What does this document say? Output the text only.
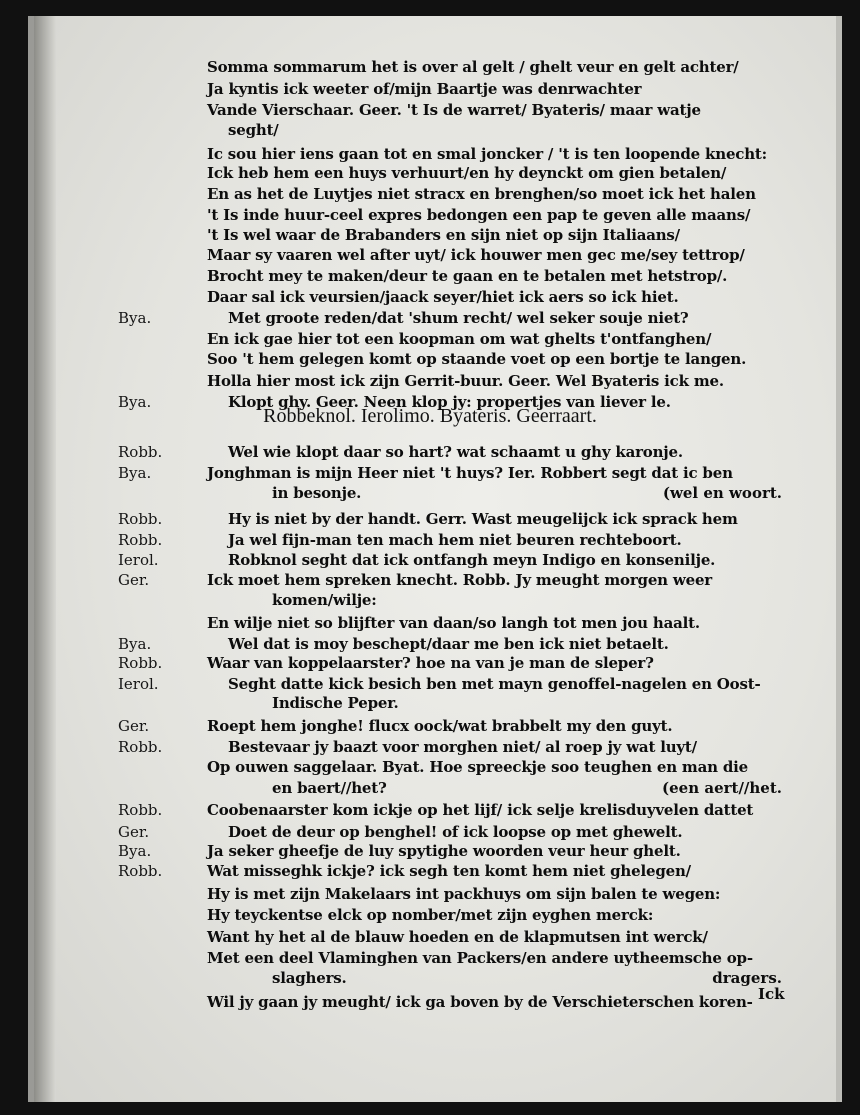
Somma sommarum het is over al gelt / ghelt veur en gelt achter/
Ja kyntis ick weeter of/mijn Baartje was denrwachter
Vande Vierschaar. Geer. 't Is de warret/ Byateris/ maar watje
seght/
Ic sou hier iens gaan tot en smal joncker / 't is ten loopende knecht:
Ick heb hem een huys verhuurt/en hy deynckt om gien betalen/
En as het de Luytjes niet stracx en brenghen/so moet ick het halen
't Is inde huur-ceel expres bedongen een pap te geven alle maans/
't Is wel waar de Brabanders en sijn niet op sijn Italiaans/
Maar sy vaaren wel after uyt/ ick houwer men gec me/sey tettrop/
Brocht mey te maken/deur te gaan en te betalen met hetstrop/.
Daar sal ick veursien/jaack seyer/hiet ick aers so ick hiet.
Bya.	Met groote reden/dat 'shum recht/ wel seker souje niet?
En ick gae hier tot een koopman om wat ghelts t'ontfanghen/
Soo 't hem gelegen komt op staande voet op een bortje te langen.
Holla hier most ick zijn Gerrit-buur. Geer. Wel Byateris ick me.
Bya.	Klopt ghy. Geer. Neen klop jy: propertjes van liever le.
Robb.	Wel wie klopt daar so hart? wat schaamt u ghy karonje.
Bya.	Jonghman is mijn Heer niet 't huys? Ier. Robbert segt dat ic ben
in besonje.	(wel en woort.
Robb.	Hy is niet by der handt. Gerr. Wast meugelijck ick sprack hem
Robb.	Ja wel fijn-man ten mach hem niet beuren rechteboort.
Ierol.	Robknol seght dat ick ontfangh meyn Indigo en konsenilje.
Ger.	Ick moet hem spreken knecht. Robb. Jy meught morgen weer
komen/wilje:
En wilje niet so blijfter van daan/so langh tot men jou haalt.
Bya.	Wel dat is moy beschept/daar me ben ick niet betaelt.
Robb.	Waar van koppelaarster? hoe na van je man de sleper?
Ierol.	Seght datte kick besich ben met mayn genoffel-nagelen en Oost-
Indische Peper.
Ger.	Roept hem jonghe! flucx oock/wat brabbelt my den guyt.
Robb.	Bestevaar jy baazt voor morghen niet/ al roep jy wat luyt/
Op ouwen saggelaar. Byat. Hoe spreeckje soo teughen en man die
en baert//het?	(een aert//het.
Robb.	Coobenaarster kom ickje op het lijf/ ick selje krelisduyvelen dattet
Ger.	Doet de deur op benghel! of ick loopse op met ghewelt.
Bya.	Ja seker gheefje de luy spytighe woorden veur heur ghelt.
Robb.	Wat misseghk ickje? ick segh ten komt hem niet ghelegen/
Hy is met zijn Makelaars int packhuys om sijn balen te wegen:
Hy teyckentse elck op nomber/met zijn eyghen merck:
Want hy het al de blauw hoeden en de klapmutsen int werck/
Met een deel Vlaminghen van Packers/en andere uytheemsche op-
slaghers.	dragers.
Wil jy gaan jy meught/ ick ga boven by de Verschieterschen koren-
Robbeknol. Ierolimo. Byateris. Geerraart.
Ick
